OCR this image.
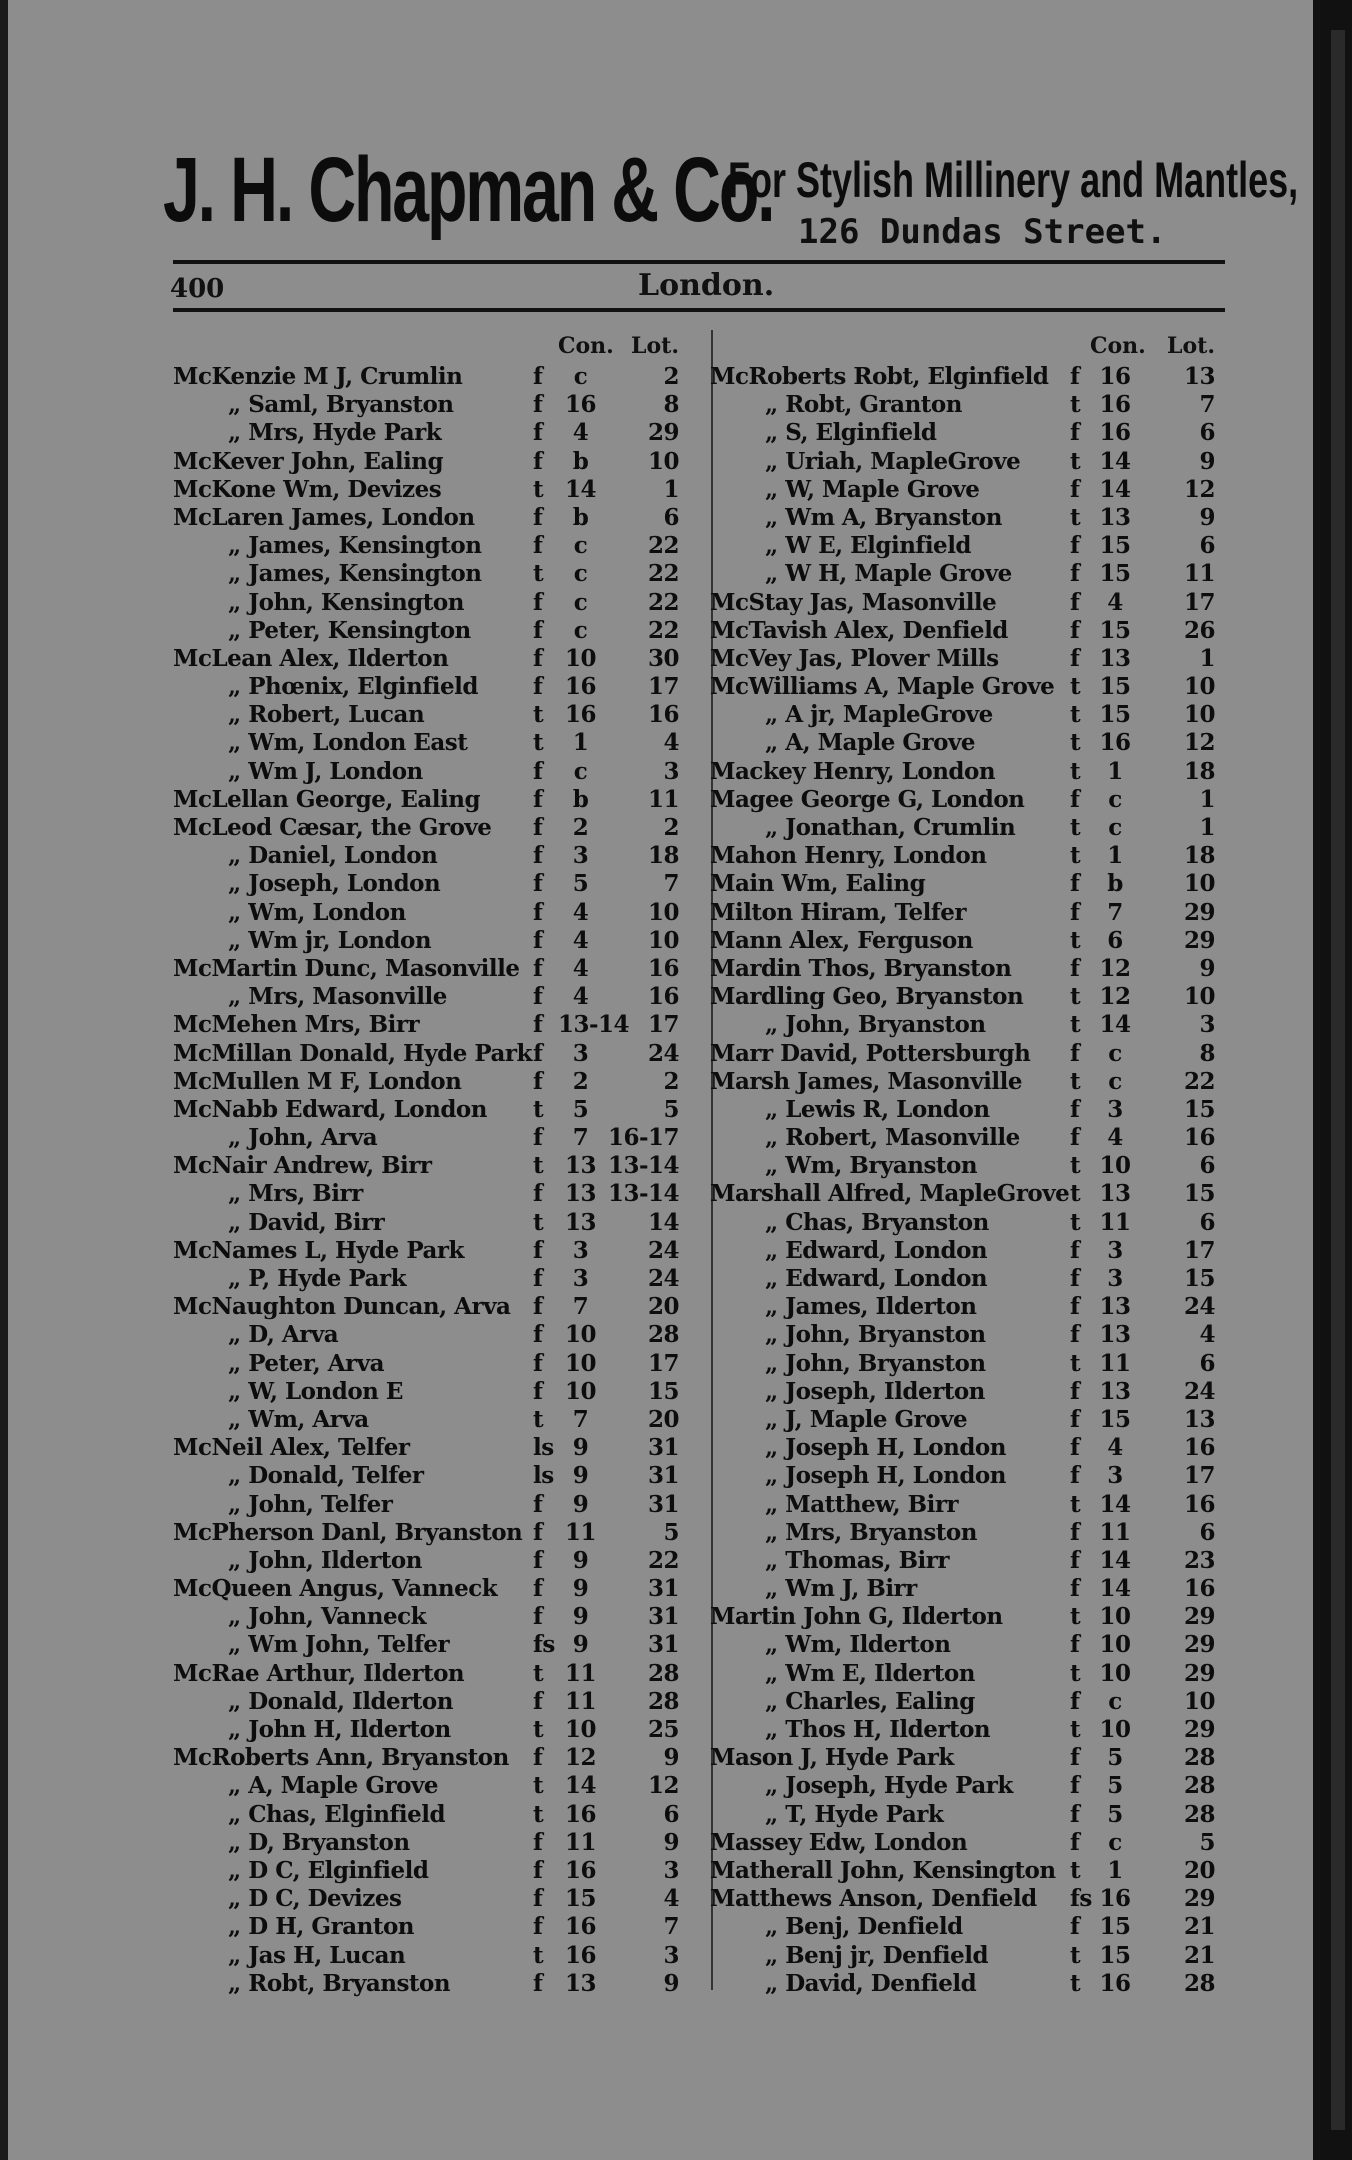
J. H. Chapman & Co.
For Stylish Millinery and Mantles,
126 Dundas Street.
400	London.
Con. Lot.
McKenzie M J, Crumlin	f	c	2
„ Saml, Bryanston	f 16	8
„ Mrs, Hyde Park	f	4	29
McKever John, Ealing	f	b	10
McKone Wm, Devizes	t 14	1
McLaren James, London	f	b	6
„ James, Kensington f	c	22
„ James, Kensington t	c	22
„ John, Kensington	f	c	22
„ Peter, Kensington	f	c	22
McLean Alex, Ilderton	f 10	30
„ Phœnix, Elginfield f 16	17
„ Robert, Lucan	t 16	16
„ Wm, London East	t	1	4
„ Wm J, London	f	c	3
McLellan George, Ealing f	b	11
McLeod Cæsar, the Grove f	2	2
„ Daniel, London	f	3	18
„ Joseph, London	f	5	7
„ Wm, London	f	4	10
„ Wm jr, London	f	4	10
McMartin Dunc, Masonville f	4	16
„ Mrs, Masonville	f	4	16
McMehen Mrs, Birr	f 13-14 17
McMillan Donald, Hyde Park f	3	24
McMullen M F, London	f	2	2
McNabb Edward, London t	5	5
„ John, Arva	f	7 16-17
McNair Andrew, Birr	t 13 13-14
„ Mrs, Birr	f 13 13-14
„ David, Birr	t 13	14
McNames L, Hyde Park	f	3	24
„ P, Hyde Park	f	3	24
McNaughton Duncan, Arva f	7	20
„ D, Arva	f 10	28
„ Peter, Arva	f 10	17
„ W, London E	f 10	15
„ Wm, Arva	t	7	20
McNeil Alex, Telfer	ls 9	31
„ Donald, Telfer	ls 9	31
„ John, Telfer	f	9	31
McPherson Danl, Bryanston f 11	5
„ John, Ilderton	f	9	22
McQueen Angus, Vanneck f	9	31
„ John, Vanneck	f	9	31
„ Wm John, Telfer	fs 9	31
McRae Arthur, Ilderton	t 11	28
„ Donald, Ilderton	f 11	28
„ John H, Ilderton	t 10	25
McRoberts Ann, Bryanston f 12	9
„ A, Maple Grove	t 14	12
„ Chas, Elginfield	t 16	6
„ D, Bryanston	f 11	9
„ D C, Elginfield	f 16	3
„ D C, Devizes	f 15	4
„ D H, Granton	f 16	7
„ Jas H, Lucan	t 16	3
„ Robt, Bryanston	f 13	9
Con. Lot.
McRoberts Robt, Elginfield f 16	13
„ Robt, Granton	t 16	7
„ S, Elginfield	f 16	6
„ Uriah, MapleGrove t 14	9
„ W, Maple Grove	f 14	12
„ Wm A, Bryanston	t 13	9
„ W E, Elginfield	f 15	6
„ W H, Maple Grove	f 15	11
McStay Jas, Masonville	f	4	17
McTavish Alex, Denfield	f 15	26
McVey Jas, Plover Mills	f 13	1
McWilliams A, Maple Grove t 15	10
„ A jr, MapleGrove	t 15	10
„ A, Maple Grove	t 16	12
Mackey Henry, London	t	1	18
Magee George G, London f	c	1
„ Jonathan, Crumlin t	c	1
Mahon Henry, London	t	1	18
Main Wm, Ealing	f	b	10
Milton Hiram, Telfer	f	7	29
Mann Alex, Ferguson	t	6	29
Mardin Thos, Bryanston	f 12	9
Mardling Geo, Bryanston t 12	10
„ John, Bryanston	t 14	3
Marr David, Pottersburgh f	c	8
Marsh James, Masonville t	c	22
„ Lewis R, London	f	3	15
„ Robert, Masonville f	4	16
„ Wm, Bryanston	t 10	6
Marshall Alfred, MapleGrove t 13	15
„ Chas, Bryanston	t 11	6
„ Edward, London	f	3	17
„ Edward, London	f	3	15
„ James, Ilderton	f 13	24
„ John, Bryanston	f 13	4
„ John, Bryanston	t 11	6
„ Joseph, Ilderton	f 13	24
„ J, Maple Grove	f 15	13
„ Joseph H, London	f	4	16
„ Joseph H, London	f	3	17
„ Matthew, Birr	t 14	16
„ Mrs, Bryanston	f 11	6
„ Thomas, Birr	f 14	23
„ Wm J, Birr	f 14	16
Martin John G, Ilderton	t 10	29
„ Wm, Ilderton	f 10	29
„ Wm E, Ilderton	t 10	29
„ Charles, Ealing	f	c	10
„ Thos H, Ilderton	t 10	29
Mason J, Hyde Park	f	5	28
„ Joseph, Hyde Park f	5	28
„ T, Hyde Park	f	5	28
Massey Edw, London	f	c	5
Matherall John, Kensington t	1	20
Matthews Anson, Denfield fs 16	29
„ Benj, Denfield	f 15	21
„ Benj jr, Denfield	t 15	21
„ David, Denfield	t 16	28
